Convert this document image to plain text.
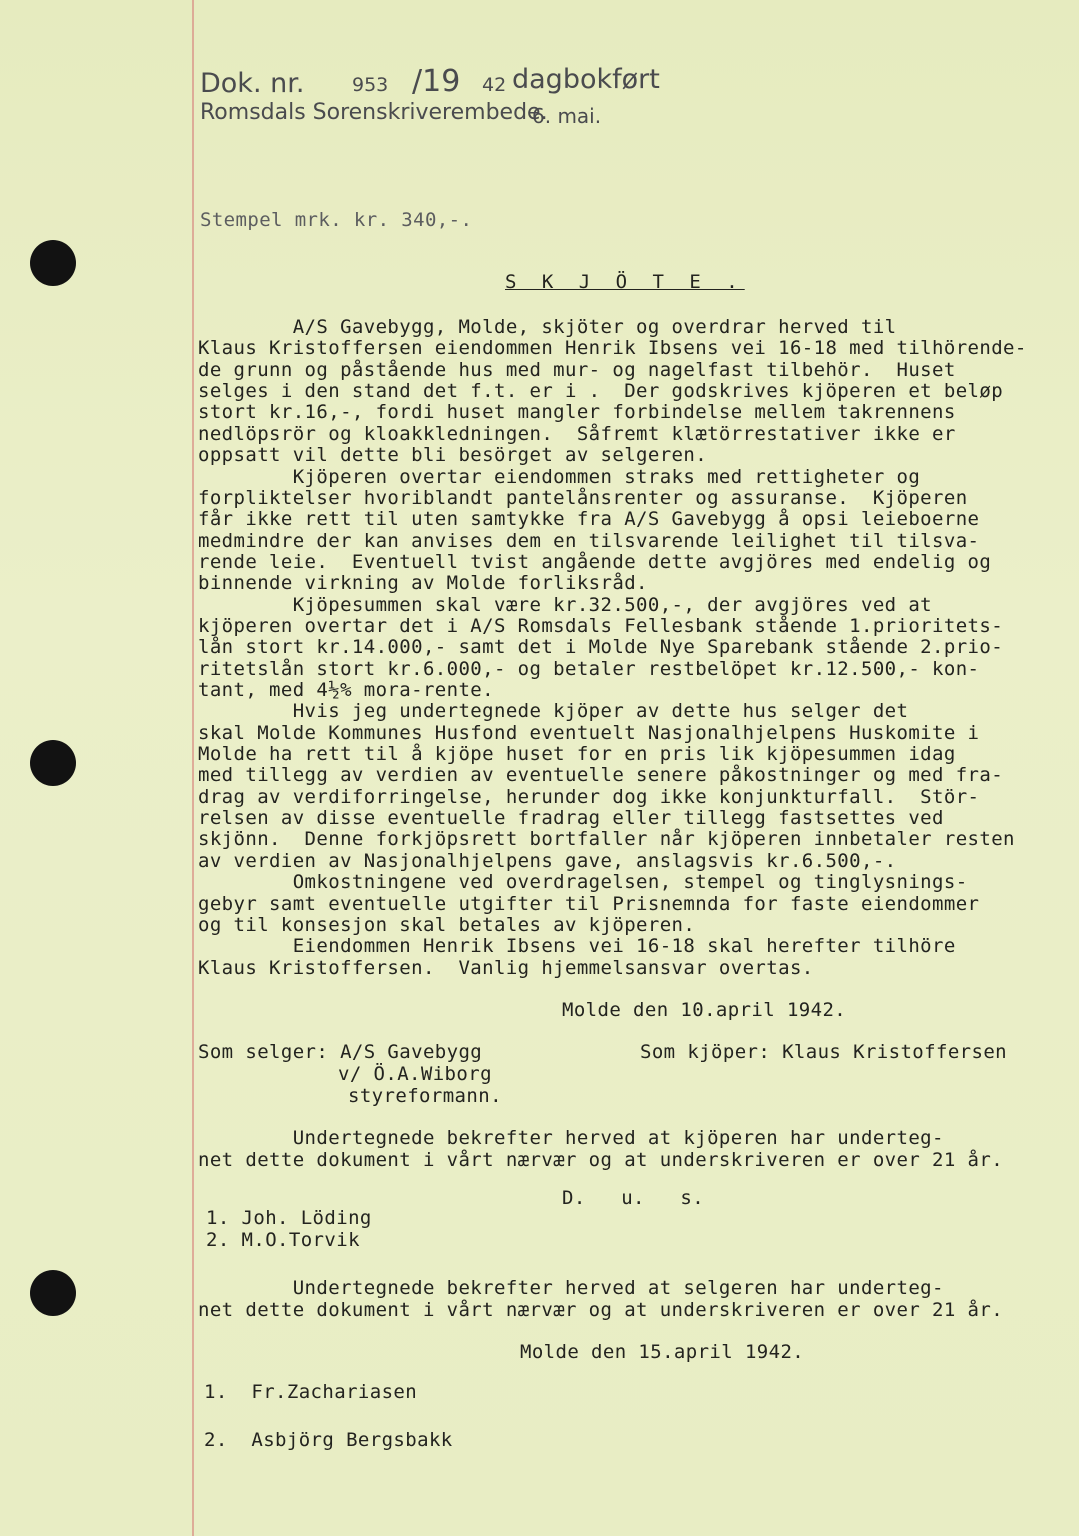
Dok. nr.	953 /19 42 dagbokført
Romsdals Sorenskriverembede.
6. mai.
Stempel mrk. kr. 340,-.
S K J Ö T E .
A/S Gavebygg, Molde, skjöter og overdrar herved til
Klaus Kristoffersen eiendommen Henrik Ibsens vei 16-18 med tilhörende-
de grunn og påstående hus med mur- og nagelfast tilbehör.  Huset
selges i den stand det f.t. er i .  Der godskrives kjöperen et beløp
stort kr.16,-, fordi huset mangler forbindelse mellem takrennens
nedlöpsrör og kloakkledningen.  Såfremt klætörrestativer ikke er
oppsatt vil dette bli besörget av selgeren.
Kjöperen overtar eiendommen straks med rettigheter og
forpliktelser hvoriblandt pantelånsrenter og assuranse.  Kjöperen
får ikke rett til uten samtykke fra A/S Gavebygg å opsi leieboerne
medmindre der kan anvises dem en tilsvarende leilighet til tilsva-
rende leie.  Eventuell tvist angående dette avgjöres med endelig og
binnende virkning av Molde forliksråd.
Kjöpesummen skal være kr.32.500,-, der avgjöres ved at
kjöperen overtar det i A/S Romsdals Fellesbank stående 1.prioritets-
lån stort kr.14.000,- samt det i Molde Nye Sparebank stående 2.prio-
ritetslån stort kr.6.000,- og betaler restbelöpet kr.12.500,- kon-
tant, med 4½% mora-rente.
Hvis jeg undertegnede kjöper av dette hus selger det
skal Molde Kommunes Husfond eventuelt Nasjonalhjelpens Huskomite i
Molde ha rett til å kjöpe huset for en pris lik kjöpesummen idag
med tillegg av verdien av eventuelle senere påkostninger og med fra-
drag av verdiforringelse, herunder dog ikke konjunkturfall.  Stör-
relsen av disse eventuelle fradrag eller tillegg fastsettes ved
skjönn.  Denne forkjöpsrett bortfaller når kjöperen innbetaler resten
av verdien av Nasjonalhjelpens gave, anslagsvis kr.6.500,-.
Omkostningene ved overdragelsen, stempel og tinglysnings-
gebyr samt eventuelle utgifter til Prisnemnda for faste eiendommer
og til konsesjon skal betales av kjöperen.
Eiendommen Henrik Ibsens vei 16-18 skal herefter tilhöre
Klaus Kristoffersen.  Vanlig hjemmelsansvar overtas.
Molde den 10.april 1942.
Som selger: A/S Gavebygg
v/ Ö.A.Wiborg
styreformann.
Som kjöper: Klaus Kristoffersen
Undertegnede bekrefter herved at kjöperen har underteg-
net dette dokument i vårt nærvær og at underskriveren er over 21 år.
D.   u.   s.
1. Joh. Löding
2. M.O.Torvik
Undertegnede bekrefter herved at selgeren har underteg-
net dette dokument i vårt nærvær og at underskriveren er over 21 år.
Molde den 15.april 1942.
1.  Fr.Zachariasen
2.  Asbjörg Bergsbakk
